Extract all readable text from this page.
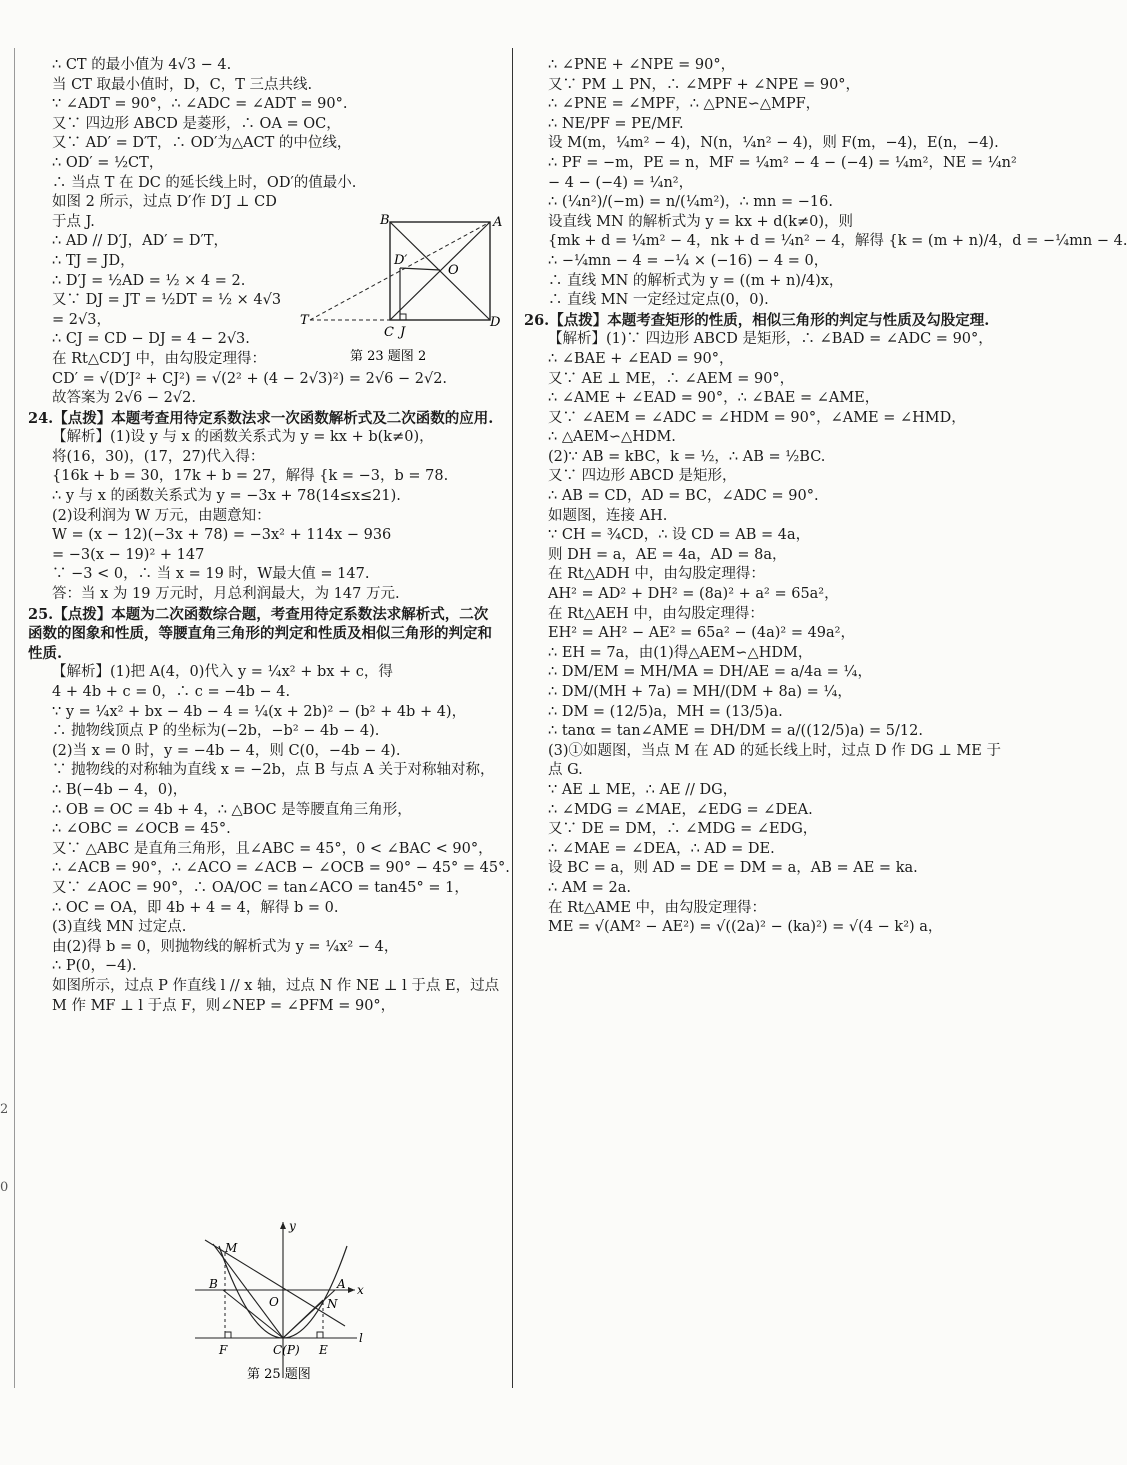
2
0
∴ CT 的最小值为 4√3 − 4.
当 CT 取最小值时，D，C，T 三点共线.
∵ ∠ADT = 90°，∴ ∠ADC = ∠ADT = 90°.
又∵ 四边形 ABCD 是菱形，∴ OA = OC，
又∵ AD′ = D′T，∴ OD′为△ACT 的中位线，
∴ OD′ = ½CT，
∴ 当点 T 在 DC 的延长线上时，OD′的值最小.
如图 2 所示，过点 D′作 D′J ⊥ CD
于点 J.
∴ AD // D′J，AD′ = D′T，
∴ TJ = JD，
∴ D′J = ½AD = ½ × 4 = 2.
又∵ DJ = JT = ½DT = ½ × 4√3
= 2√3，
∴ CJ = CD − DJ = 4 − 2√3.
在 Rt△CD′J 中，由勾股定理得：
CD′ = √(D′J² + CJ²) = √(2² + (4 − 2√3)²) = 2√6 − 2√2.
故答案为 2√6 − 2√2.
24.【点拨】本题考查用待定系数法求一次函数解析式及二次函数的应用.
【解析】(1)设 y 与 x 的函数关系式为 y = kx + b(k≠0)，
将(16，30)，(17，27)代入得：
{16k + b = 30，17k + b = 27，解得 {k = −3，b = 78.
∴ y 与 x 的函数关系式为 y = −3x + 78(14≤x≤21).
(2)设利润为 W 万元，由题意知：
W = (x − 12)(−3x + 78) = −3x² + 114x − 936
= −3(x − 19)² + 147
∵ −3 < 0，∴ 当 x = 19 时，W最大值 = 147.
答：当 x 为 19 万元时，月总利润最大，为 147 万元.
25.【点拨】本题为二次函数综合题，考查用待定系数法求解析式，二次函数的图象和性质，等腰直角三角形的判定和性质及相似三角形的判定和性质.
【解析】(1)把 A(4，0)代入 y = ¼x² + bx + c，得
4 + 4b + c = 0，∴ c = −4b − 4.
∵ y = ¼x² + bx − 4b − 4 = ¼(x + 2b)² − (b² + 4b + 4)，
∴ 抛物线顶点 P 的坐标为(−2b，−b² − 4b − 4).
(2)当 x = 0 时，y = −4b − 4，则 C(0，−4b − 4).
∵ 抛物线的对称轴为直线 x = −2b，点 B 与点 A 关于对称轴对称，
∴ B(−4b − 4，0)，
∴ OB = OC = 4b + 4，∴ △BOC 是等腰直角三角形，
∴ ∠OBC = ∠OCB = 45°.
又∵ △ABC 是直角三角形，且∠ABC = 45°，0 < ∠BAC < 90°，
∴ ∠ACB = 90°，∴ ∠ACO = ∠ACB − ∠OCB = 90° − 45° = 45°.
又∵ ∠AOC = 90°，∴ OA/OC = tan∠ACO = tan45° = 1，
∴ OC = OA，即 4b + 4 = 4，解得 b = 0.
(3)直线 MN 过定点.
由(2)得 b = 0，则抛物线的解析式为 y = ¼x² − 4，
∴ P(0，−4).
如图所示，过点 P 作直线 l // x 轴，过点 N 作 NE ⊥ l 于点 E，过点 M 作 MF ⊥ l 于点 F，则∠NEP = ∠PFM = 90°，
B	A
D′
O
T
C J
D
第 23 题图 2
y
M
B	A x
O	N
F	C(P) E
l
第 25 题图
∴ ∠PNE + ∠NPE = 90°，
又∵ PM ⊥ PN，∴ ∠MPF + ∠NPE = 90°，
∴ ∠PNE = ∠MPF，∴ △PNE∽△MPF，
∴ NE/PF = PE/MF.
设 M(m，¼m² − 4)，N(n，¼n² − 4)，则 F(m，−4)，E(n，−4).
∴ PF = −m，PE = n，MF = ¼m² − 4 − (−4) = ¼m²，NE = ¼n²
− 4 − (−4) = ¼n²，
∴ (¼n²)/(−m) = n/(¼m²)，∴ mn = −16.
设直线 MN 的解析式为 y = kx + d(k≠0)，则
{mk + d = ¼m² − 4，nk + d = ¼n² − 4，解得 {k = (m + n)/4，d = −¼mn − 4.
∴ −¼mn − 4 = −¼ × (−16) − 4 = 0，
∴ 直线 MN 的解析式为 y = ((m + n)/4)x，
∴ 直线 MN 一定经过定点(0，0).
26.【点拨】本题考查矩形的性质，相似三角形的判定与性质及勾股定理.
【解析】(1)∵ 四边形 ABCD 是矩形，∴ ∠BAD = ∠ADC = 90°，
∴ ∠BAE + ∠EAD = 90°，
又∵ AE ⊥ ME，∴ ∠AEM = 90°，
∴ ∠AME + ∠EAD = 90°，∴ ∠BAE = ∠AME，
又∵ ∠AEM = ∠ADC = ∠HDM = 90°，∠AME = ∠HMD，
∴ △AEM∽△HDM.
(2)∵ AB = kBC，k = ½，∴ AB = ½BC.
又∵ 四边形 ABCD 是矩形，
∴ AB = CD，AD = BC，∠ADC = 90°.
如题图，连接 AH.
∵ CH = ¾CD，∴ 设 CD = AB = 4a，
则 DH = a，AE = 4a，AD = 8a，
在 Rt△ADH 中，由勾股定理得：
AH² = AD² + DH² = (8a)² + a² = 65a²，
在 Rt△AEH 中，由勾股定理得：
EH² = AH² − AE² = 65a² − (4a)² = 49a²，
∴ EH = 7a，由(1)得△AEM∽△HDM，
∴ DM/EM = MH/MA = DH/AE = a/4a = ¼，
∴ DM/(MH + 7a) = MH/(DM + 8a) = ¼，
∴ DM = (12/5)a，MH = (13/5)a.
∴ tanα = tan∠AME = DH/DM = a/((12/5)a) = 5/12.
(3)①如题图，当点 M 在 AD 的延长线上时，过点 D 作 DG ⊥ ME 于点 G.
∵ AE ⊥ ME，∴ AE // DG，
∴ ∠MDG = ∠MAE，∠EDG = ∠DEA.
又∵ DE = DM，∴ ∠MDG = ∠EDG，
∴ ∠MAE = ∠DEA，∴ AD = DE.
设 BC = a，则 AD = DE = DM = a，AB = AE = ka.
∴ AM = 2a.
在 Rt△AME 中，由勾股定理得：
ME = √(AM² − AE²) = √((2a)² − (ka)²) = √(4 − k²) a，
